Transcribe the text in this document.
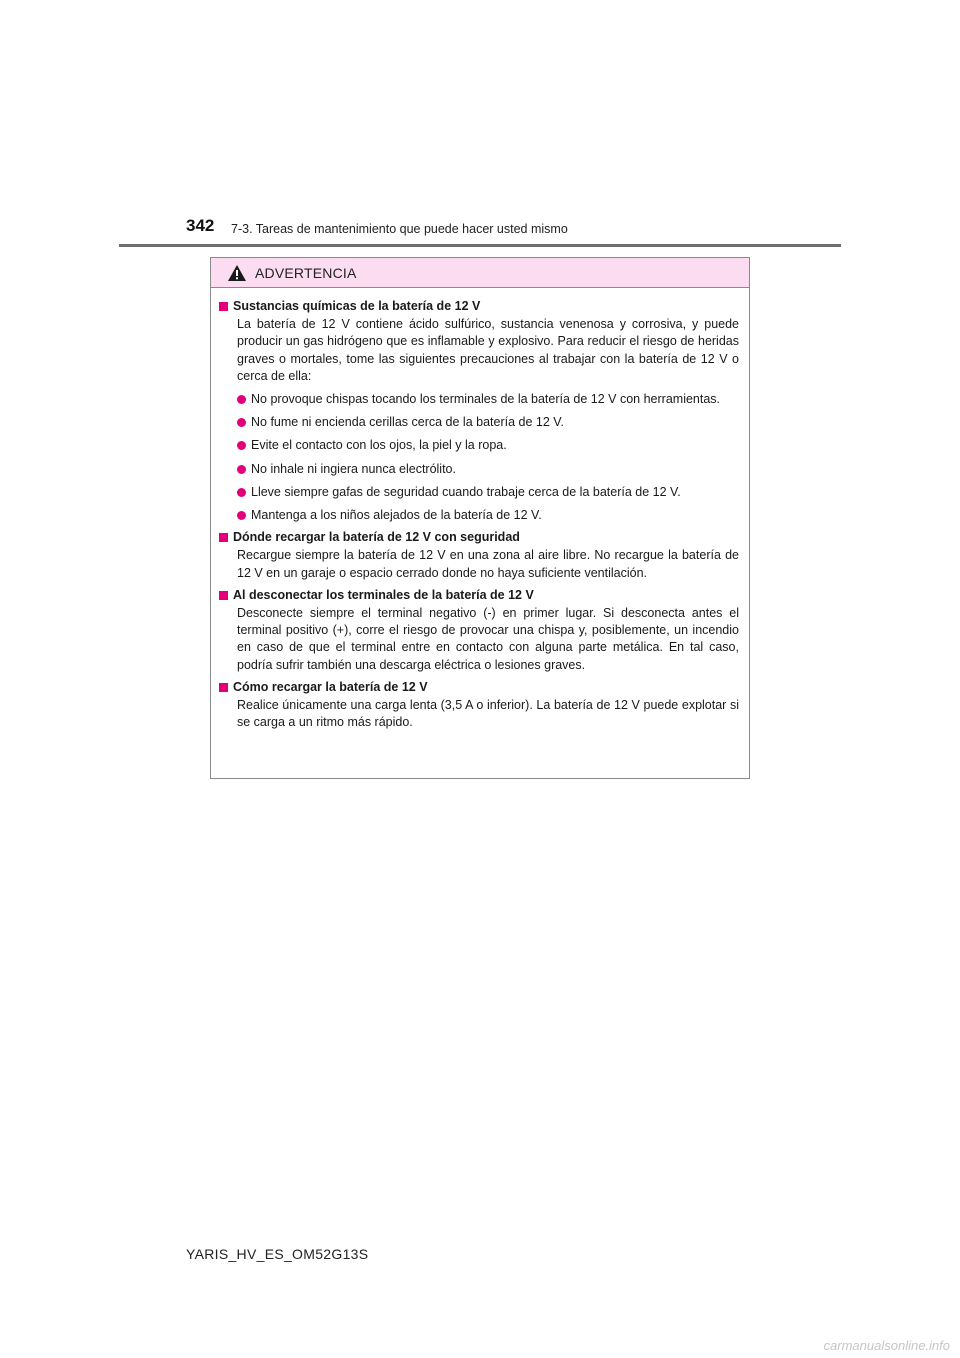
342 7-3. Tareas de mantenimiento que puede hacer usted mismo
ADVERTENCIA
Sustancias químicas de la batería de 12 V
La batería de 12 V contiene ácido sulfúrico, sustancia venenosa y corrosiva, y puede producir un gas hidrógeno que es inflamable y explosivo. Para reducir el riesgo de heridas graves o mortales, tome las siguientes precauciones al trabajar con la batería de 12 V o cerca de ella:
No provoque chispas tocando los terminales de la batería de 12 V con herramientas.
No fume ni encienda cerillas cerca de la batería de 12 V.
Evite el contacto con los ojos, la piel y la ropa.
No inhale ni ingiera nunca electrólito.
Lleve siempre gafas de seguridad cuando trabaje cerca de la batería de 12 V.
Mantenga a los niños alejados de la batería de 12 V.
Dónde recargar la batería de 12 V con seguridad
Recargue siempre la batería de 12 V en una zona al aire libre. No recargue la batería de 12 V en un garaje o espacio cerrado donde no haya suficiente ventilación.
Al desconectar los terminales de la batería de 12 V
Desconecte siempre el terminal negativo (-) en primer lugar. Si desconecta antes el terminal positivo (+), corre el riesgo de provocar una chispa y, posiblemente, un incendio en caso de que el terminal entre en contacto con alguna parte metálica. En tal caso, podría sufrir también una descarga eléctrica o lesiones graves.
Cómo recargar la batería de 12 V
Realice únicamente una carga lenta (3,5 A o inferior). La batería de 12 V puede explotar si se carga a un ritmo más rápido.
YARIS_HV_ES_OM52G13S
carmanualsonline.info
